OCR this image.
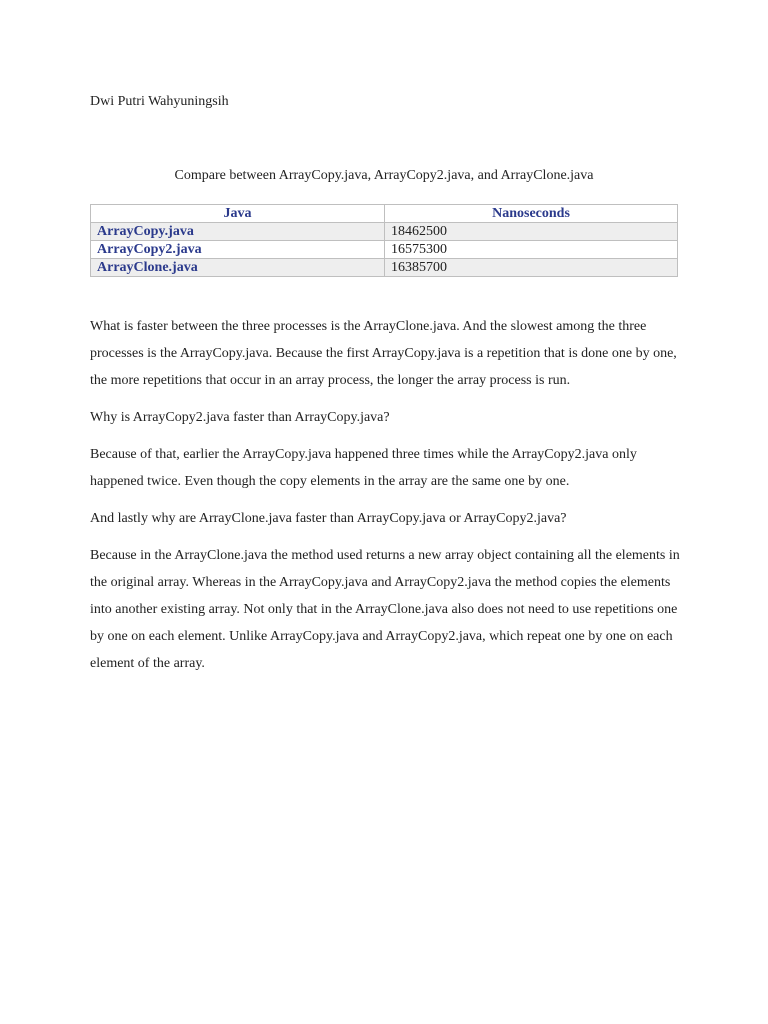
Dwi Putri Wahyuningsih
Compare between ArrayCopy.java, ArrayCopy2.java, and ArrayClone.java
Java	Nanoseconds
ArrayCopy.java	18462500
ArrayCopy2.java	16575300
ArrayClone.java	16385700

What is faster between the three processes is the ArrayClone.java. And the slowest among the three processes is the ArrayCopy.java. Because the first ArrayCopy.java is a repetition that is done one by one, the more repetitions that occur in an array process, the longer the array process is run.

Why is ArrayCopy2.java faster than ArrayCopy.java?

Because of that, earlier the ArrayCopy.java happened three times while the ArrayCopy2.java only happened twice. Even though the copy elements in the array are the same one by one.

And lastly why are ArrayClone.java faster than ArrayCopy.java or ArrayCopy2.java?

Because in the ArrayClone.java the method used returns a new array object containing all the elements in the original array. Whereas in the ArrayCopy.java and ArrayCopy2.java the method copies the elements into another existing array. Not only that in the ArrayClone.java also does not need to use repetitions one by one on each element. Unlike ArrayCopy.java and ArrayCopy2.java, which repeat one by one on each element of the array.
